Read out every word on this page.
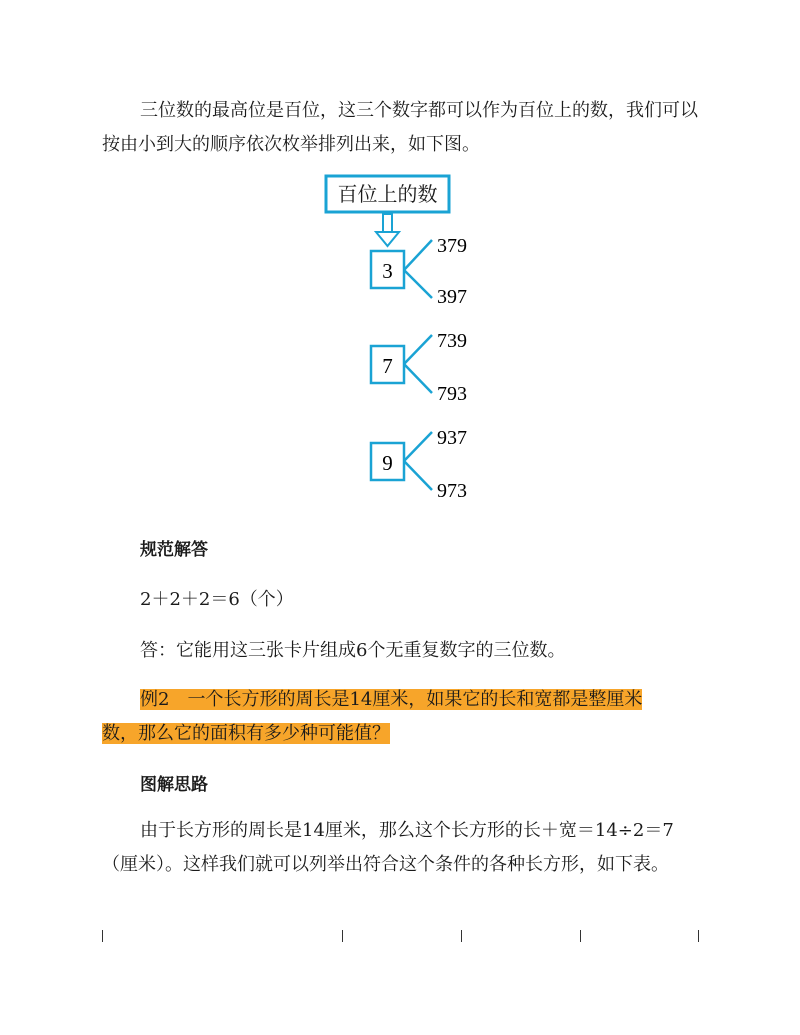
三位数的最高位是百位，这三个数字都可以作为百位上的数，我们可以按由小到大的顺序依次枚举排列出来，如下图。

百位上的数
3
379
397
7
739
793
9
937
973
规范解答
2＋2＋2＝6（个）
答：它能用这三张卡片组成6个无重复数字的三位数。
例2　一个长方形的周长是14厘米，如果它的长和宽都是整厘米
数，那么它的面积有多少种可能值？
图解思路

由于长方形的周长是14厘米，那么这个长方形的长＋宽＝14÷2＝7（厘米）。这样我们就可以列举出符合这个条件的各种长方形，如下表。
